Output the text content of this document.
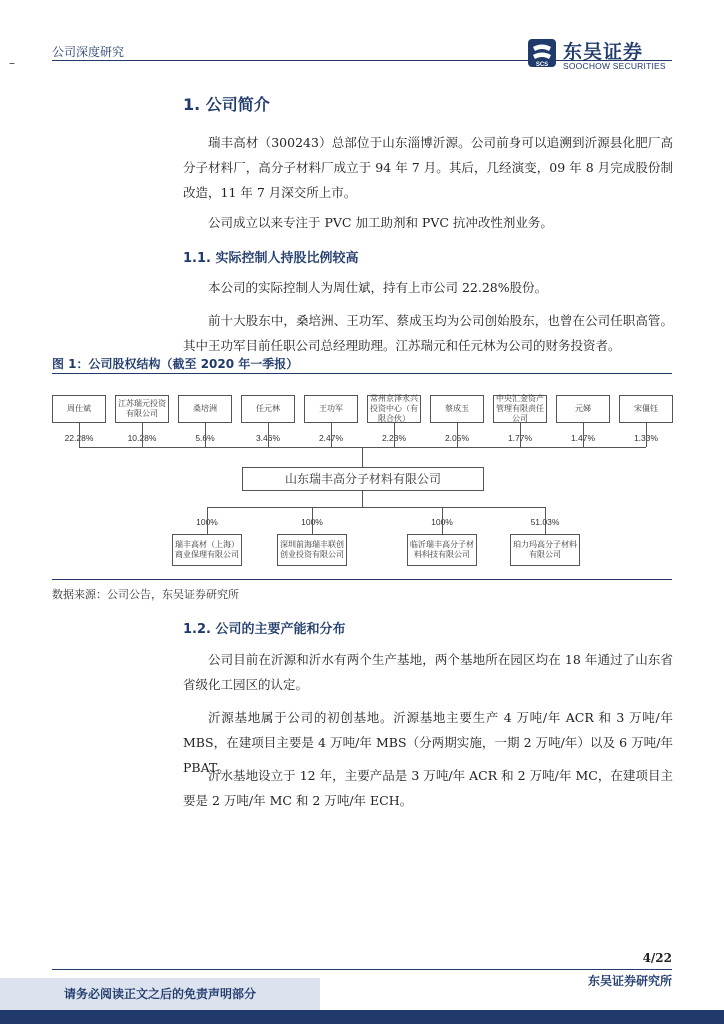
公司深度研究
–	SCS
东吴证券
SOOCHOW SECURITIES
1. 公司简介

瑞丰高材（300243）总部位于山东淄博沂源。公司前身可以追溯到沂源县化肥厂高分子材料厂，高分子材料厂成立于 94 年 7 月。其后，几经演变，09 年 8 月完成股份制改造，11 年 7 月深交所上市。

公司成立以来专注于 PVC 加工助剂和 PVC 抗冲改性剂业务。

1.1. 实际控制人持股比例较高

本公司的实际控制人为周仕斌，持有上市公司 22.28%股份。

前十大股东中，桑培洲、王功军、蔡成玉均为公司创始股东，也曾在公司任职高管。其中王功军目前任职公司总经理助理。江苏瑞元和任元林为公司的财务投资者。

图 1：公司股权结构（截至 2020 年一季报）
周仕斌
江苏瑞元投资有限公司
桑培洲	任元林	王功军
常州京泽永兴投资中心（有限合伙）
蔡成玉
中央汇金资产管理有限责任公司
元娣	宋僵钰
22.28%	10.28%	5.6%	3.46%	2.47%	2.23%	2.05%	1.77%	1.47%	1.33%
山东瑞丰高分子材料有限公司
100%	100%	100%	51.03%
瑞丰高材（上海）商业保理有限公司
深圳前海瑞丰联创创业投资有限公司
临沂瑞丰高分子材料科技有限公司
珀力玛高分子材料有限公司
数据来源：公司公告，东吴证券研究所
1.2. 公司的主要产能和分布

公司目前在沂源和沂水有两个生产基地，两个基地所在园区均在 18 年通过了山东省省级化工园区的认定。

沂源基地属于公司的初创基地。沂源基地主要生产 4 万吨/年 ACR 和 3 万吨/年 MBS，在建项目主要是 4 万吨/年 MBS（分两期实施，一期 2 万吨/年）以及 6 万吨/年 PBAT。

沂水基地设立于 12 年，主要产品是 3 万吨/年 ACR 和 2 万吨/年 MC，在建项目主要是 2 万吨/年 MC 和 2 万吨/年 ECH。

4/22
请务必阅读正文之后的免责声明部分
东吴证券研究所
